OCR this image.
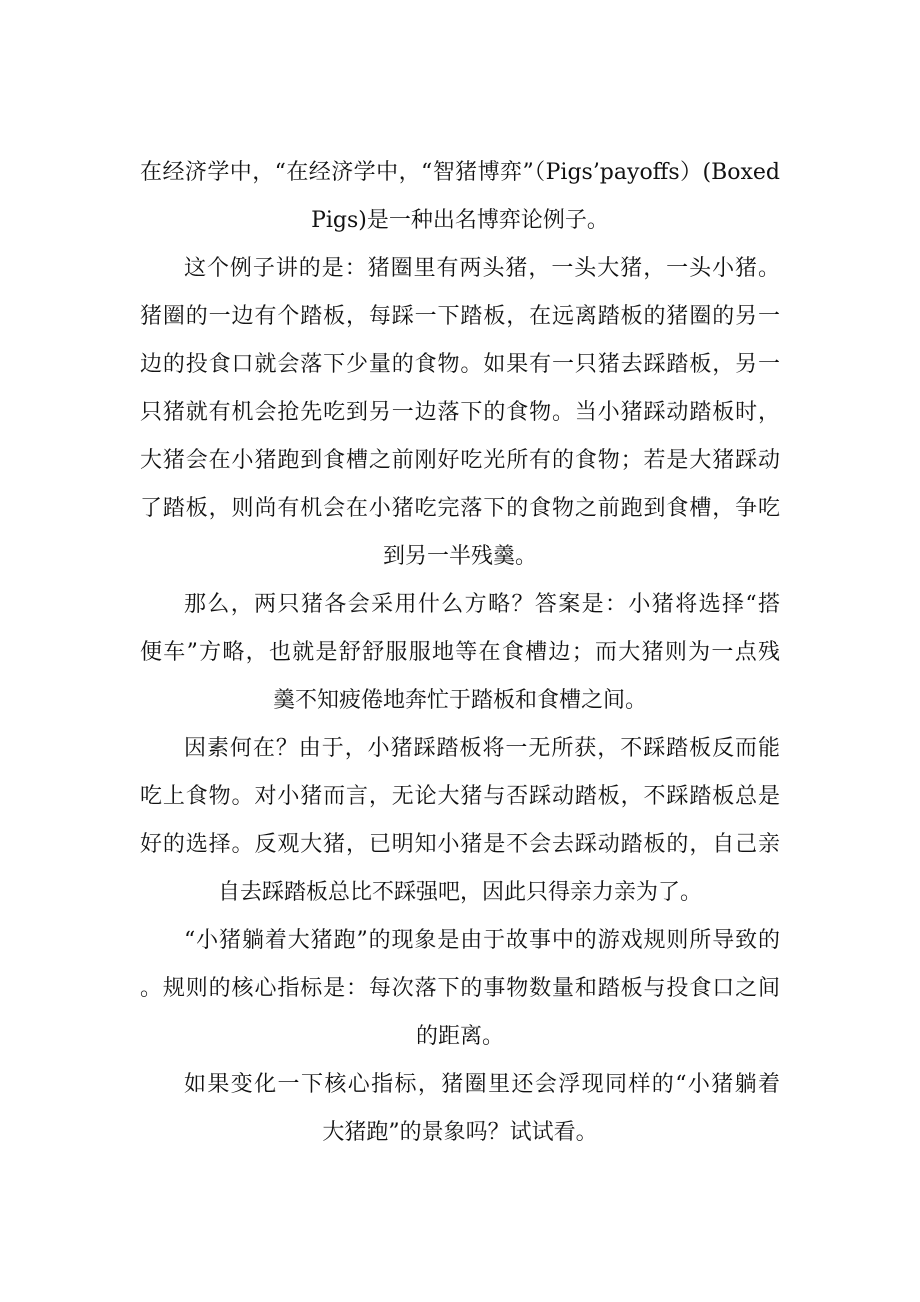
在经济学中，“在经济学中，“智猪博弈”（Pigs’payoffs）(Boxed
Pigs)是一种出名博弈论例子。
这个例子讲的是：猪圈里有两头猪，一头大猪，一头小猪。
猪圈的一边有个踏板，每踩一下踏板，在远离踏板的猪圈的另一
边的投食口就会落下少量的食物。如果有一只猪去踩踏板，另一
只猪就有机会抢先吃到另一边落下的食物。当小猪踩动踏板时，
大猪会在小猪跑到食槽之前刚好吃光所有的食物；若是大猪踩动
了踏板，则尚有机会在小猪吃完落下的食物之前跑到食槽，争吃
到另一半残羹。
那么，两只猪各会采用什么方略？答案是：小猪将选择“搭
便车”方略，也就是舒舒服服地等在食槽边；而大猪则为一点残
羹不知疲倦地奔忙于踏板和食槽之间。
因素何在？由于，小猪踩踏板将一无所获，不踩踏板反而能
吃上食物。对小猪而言，无论大猪与否踩动踏板，不踩踏板总是
好的选择。反观大猪，已明知小猪是不会去踩动踏板的，自己亲
自去踩踏板总比不踩强吧，因此只得亲力亲为了。
“小猪躺着大猪跑”的现象是由于故事中的游戏规则所导致的
。规则的核心指标是：每次落下的事物数量和踏板与投食口之间
的距离。
如果变化一下核心指标，猪圈里还会浮现同样的“小猪躺着
大猪跑”的景象吗？试试看。
